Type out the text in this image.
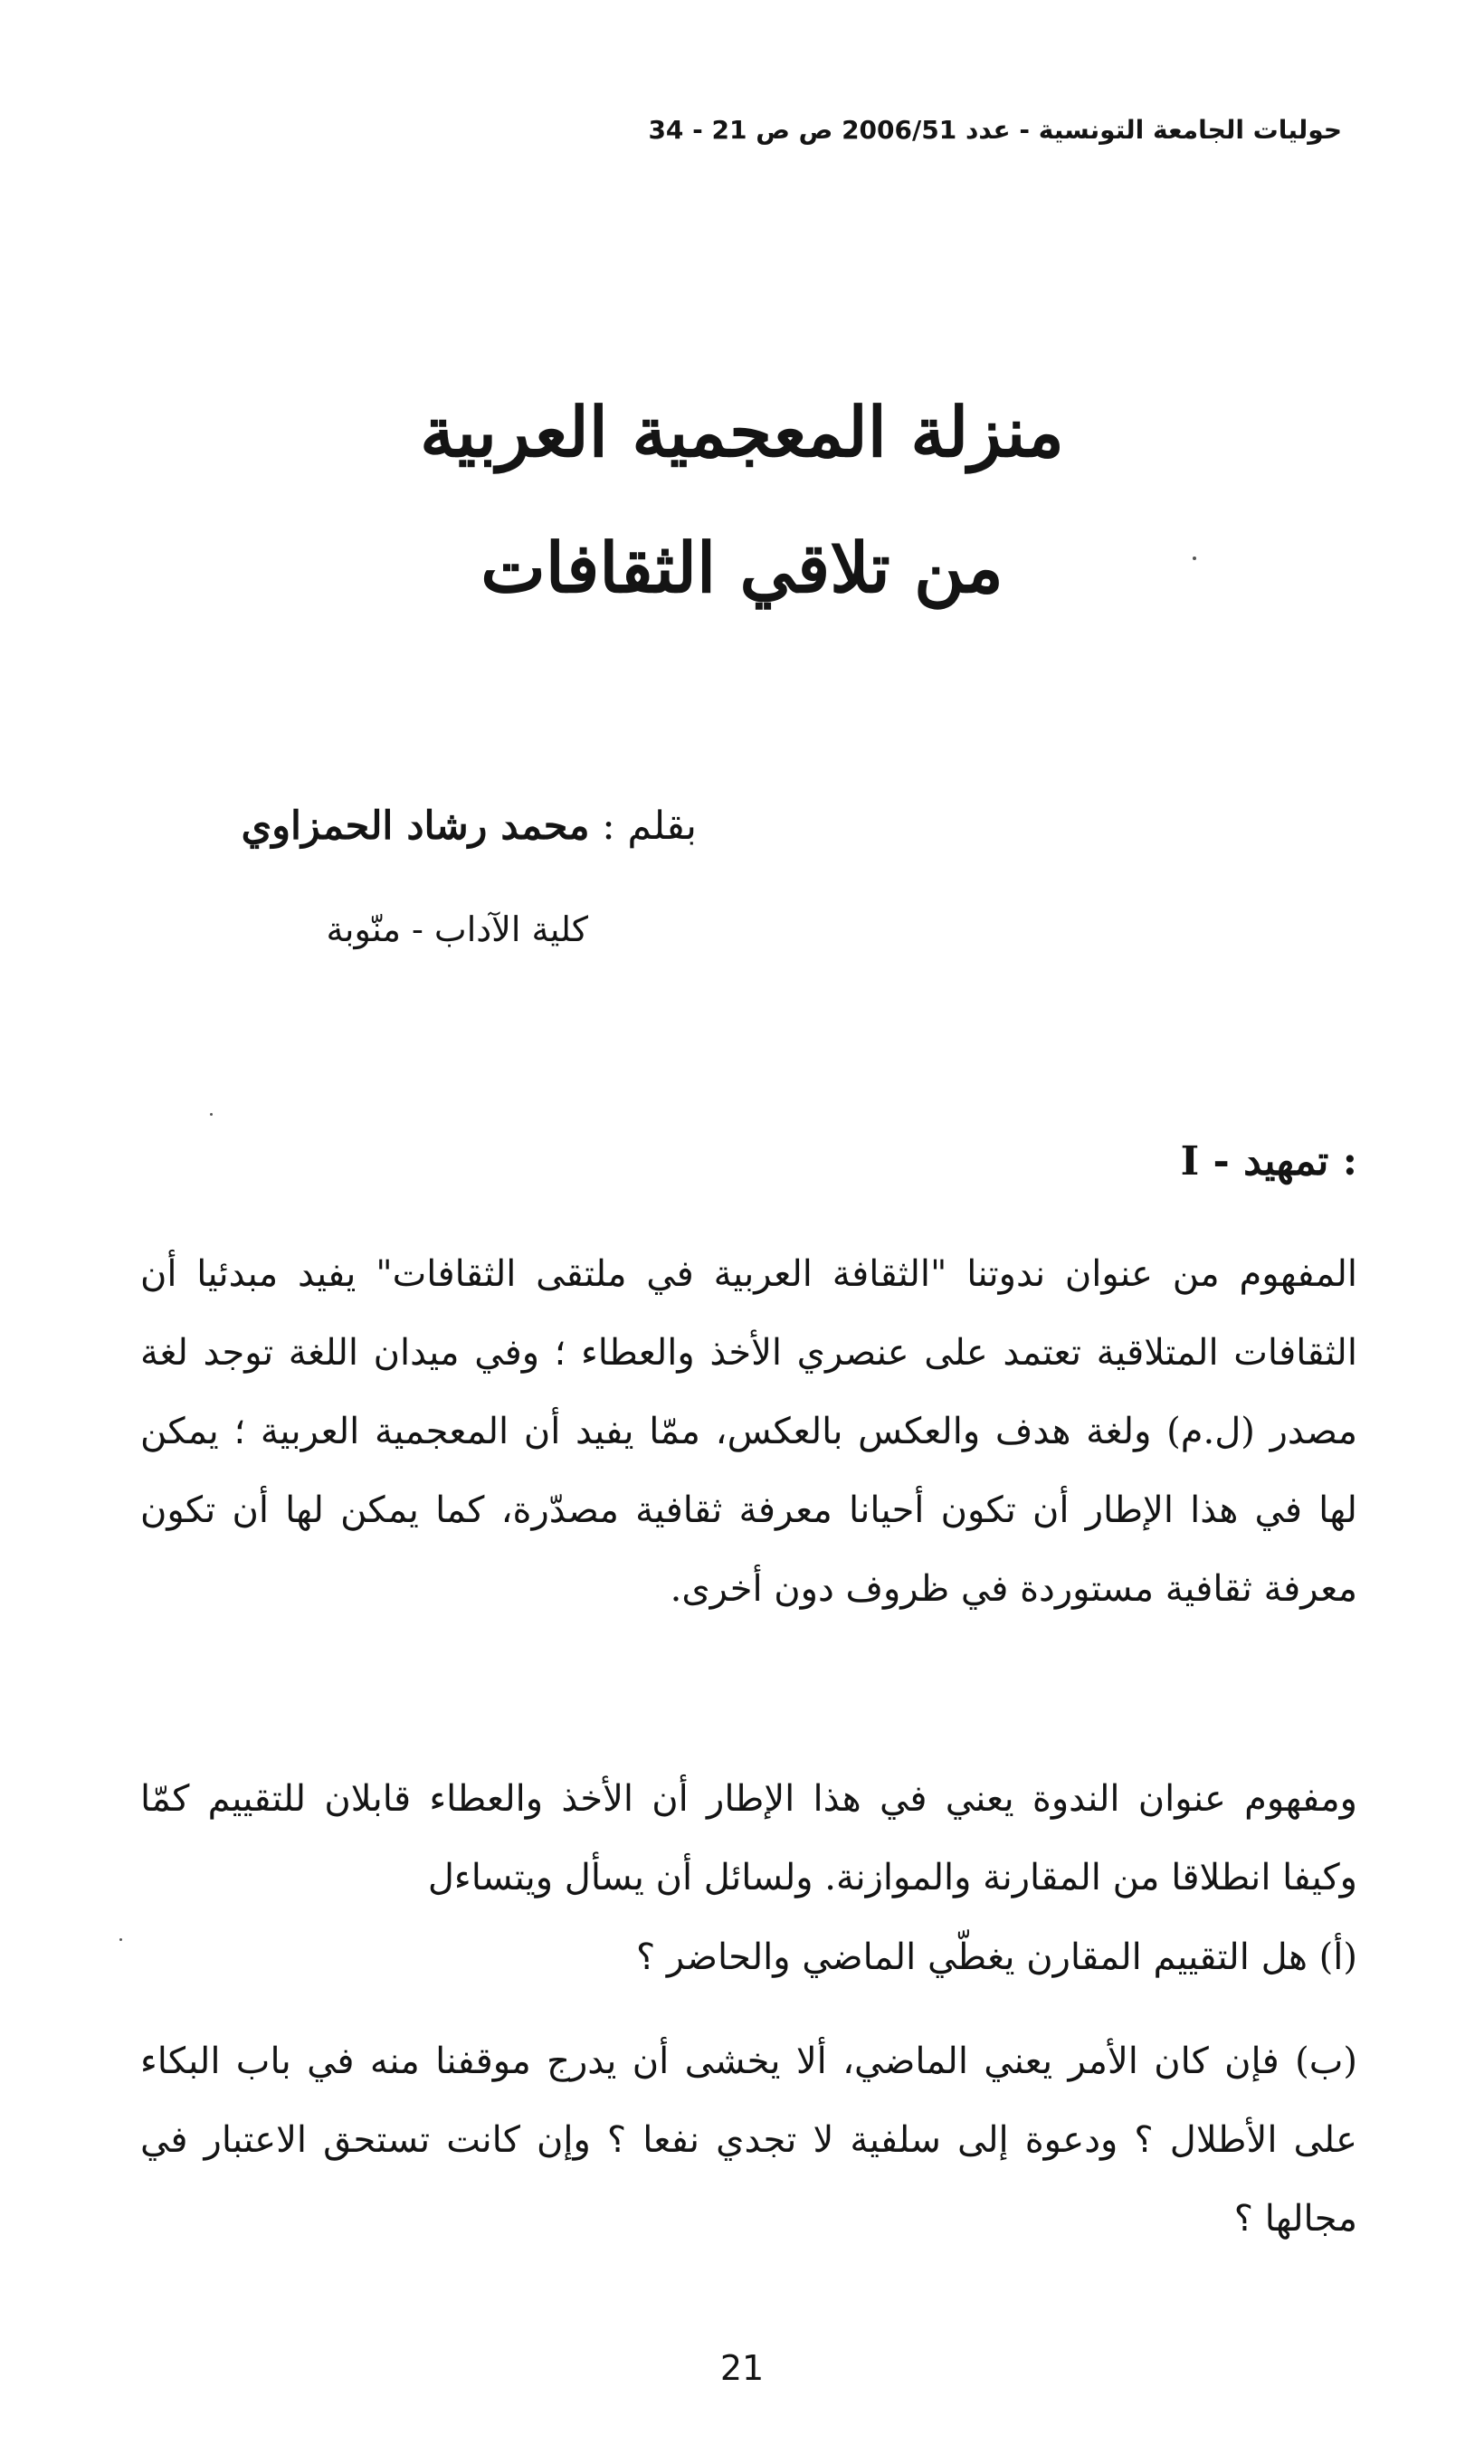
حوليات الجامعة التونسية - عدد 2006/51 ص ص 21 - 34
منزلة المعجمية العربية
من تلاقي الثقافات
بقلم : محمد رشاد الحمزاوي
كلية الآداب - منّوبة
I - تمهيد :

المفهوم من عنوان ندوتنا "الثقافة العربية في ملتقى الثقافات" يفيد مبدئيا أن الثقافات المتلاقية تعتمد على عنصري الأخذ والعطاء ؛ وفي ميدان اللغة توجد لغة مصدر (ل.م) ولغة هدف والعكس بالعكس، ممّا يفيد أن المعجمية العربية ؛ يمكن لها في هذا الإطار أن تكون أحيانا معرفة ثقافية مصدّرة، كما يمكن لها أن تكون معرفة ثقافية مستوردة في ظروف دون أخرى.

ومفهوم عنوان الندوة يعني في هذا الإطار أن الأخذ والعطاء قابلان للتقييم كمّا وكيفا انطلاقا من المقارنة والموازنة. ولسائل أن يسأل ويتساءل

(أ) هل التقييم المقارن يغطّي الماضي والحاضر ؟

(ب) فإن كان الأمر يعني الماضي، ألا يخشى أن يدرج موقفنا منه في باب البكاء على الأطلال ؟ ودعوة إلى سلفية لا تجدي نفعا ؟ وإن كانت تستحق الاعتبار في مجالها ؟

21
